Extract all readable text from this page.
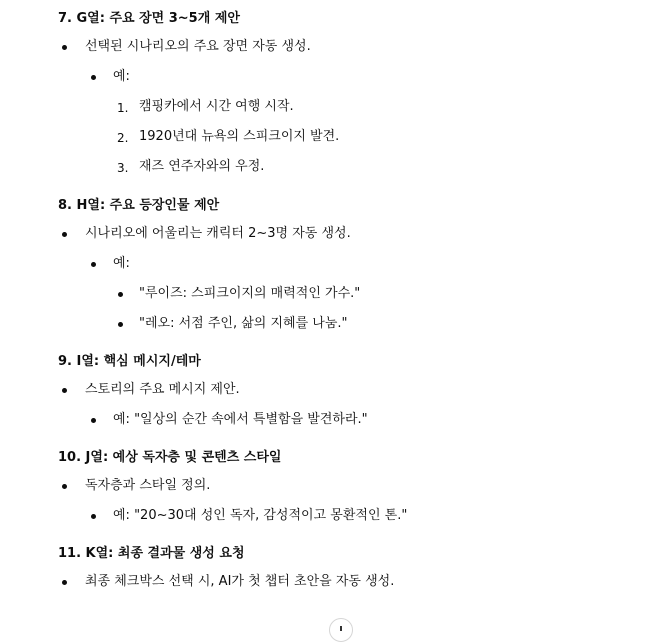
7. G열: 주요 장면 3~5개 제안
선택된 시나리오의 주요 장면 자동 생성.
예:
1. 캠핑카에서 시간 여행 시작.
2. 1920년대 뉴욕의 스피크이지 발견.
3. 재즈 연주자와의 우정.
8. H열: 주요 등장인물 제안
시나리오에 어울리는 캐릭터 2~3명 자동 생성.
예:
"루이즈: 스피크이지의 매력적인 가수."
"레오: 서점 주인, 삶의 지혜를 나눔."
9. I열: 핵심 메시지/테마
스토리의 주요 메시지 제안.
예: "일상의 순간 속에서 특별함을 발견하라."
10. J열: 예상 독자층 및 콘텐츠 스타일
독자층과 스타일 정의.
예: "20~30대 성인 독자, 감성적이고 몽환적인 톤."
11. K열: 최종 결과물 생성 요청
최종 체크박스 선택 시, AI가 첫 챕터 초안을 자동 생성.
